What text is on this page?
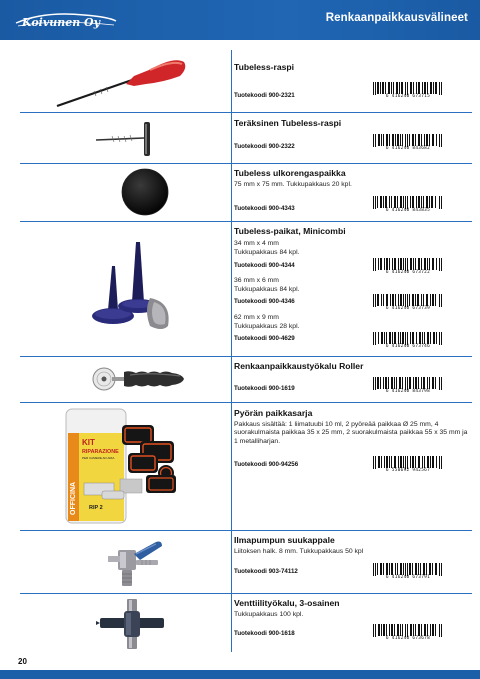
Koivunen Oy	Renkaanpaikkausvälineet
Tubeless-raspi
Tuotekoodi 900-2321	6 416240 673715
Teräksinen Tubeless-raspi
Tuotekoodi 900-2322	6 416240 843682
Tubeless ulkorengaspaikka
75 mm x 75 mm. Tukkupakkaus 20 kpl.
Tuotekoodi 900-4343	6 416240 843835
Tubeless-paikat, Minicombi
34 mm x 4 mm
Tukkupakkaus 84 kpl.
Tuotekoodi 900-4344
6 416240 673722
36 mm x 6 mm
Tukkupakkaus 84 kpl.
Tuotekoodi 900-4346
6 416240 673739
62 mm x 9 mm
Tukkupakkaus 28 kpl.
Tuotekoodi 900-4629
6 416240 673746
Renkaanpaikkaustyökalu Roller
Tuotekoodi 900-1619	6 416240 843798
OFFICINA
KIT
RIPARAZIONE
PER CAMERE AD ARIA
RIP 2
Pyörän paikkasarja
Pakkaus sisältää: 1 liimatuubi 10 ml, 2 pyöreää paikkaa Ø 25 mm, 4 suorakulmaista paikkaa 35 x 25 mm, 2 suorakulmaista paikkaa 55 x 35 mm ja 1 metalliharjan.
Tuotekoodi 900-94256
6 550692 942567
Ilmapumpun suukappale
Liitoksen halk. 8 mm. Tukkupakkaus 50 kpl
Tuotekoodi 903-74112
6 416240 673791
Venttiilityökalu, 3-osainen
Tukkupakkaus 100 kpl.
Tuotekoodi 900-1618
6 416240 673678
20
